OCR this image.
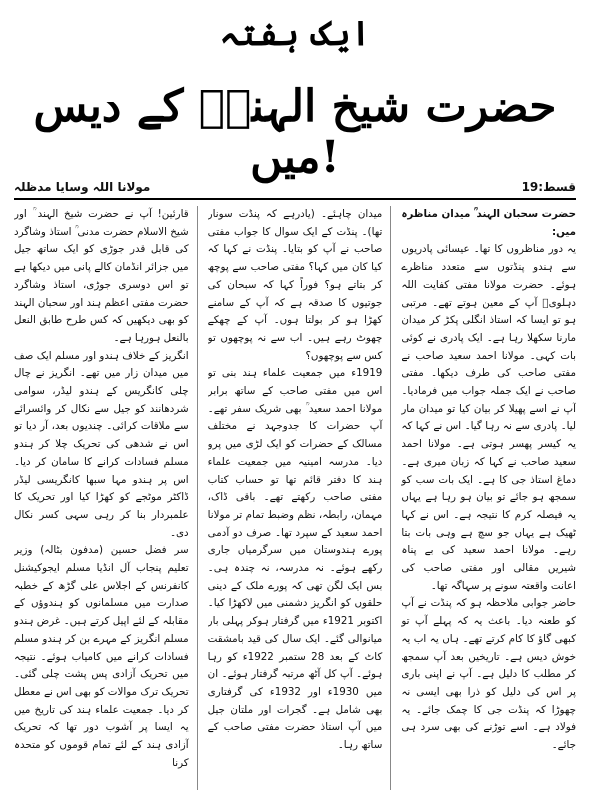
ایک ہفتہ
حضرت شیخ الہندؒ کے دیس میں!
قسط:19
مولانا اللہ وسایا مدظلہ

حضرت سحبان الہند ؒ میدان مناظرہ میں:

یہ دور مناظروں کا تھا۔ عیسائی پادریوں سے ہندو پنڈتوں سے متعدد مناظرے ہوئے۔ حضرت مولانا مفتی کفایت اللہ دہلویؒ آپ کے معین ہوتے تھے۔ مرتبی ہو تو ایسا کہ استاذ انگلی پکڑ کر میدان مارنا سکھلا رہا ہے۔ ایک پادری نے کوئی بات کہی۔ مولانا احمد سعید صاحب نے مفتی صاحب کی طرف دیکھا۔ مفتی صاحب نے ایک جملہ جواب میں فرمادیا۔ آپ نے اسے پھیلا کر بیان کیا تو میدان مار لیا۔ پادری سے نہ رہا گیا۔ اس نے کہا کہ یہ کیسر پھسر ہوتی ہے۔ مولانا احمد سعید صاحب نے کہا کہ زبان میری ہے۔ دماغ استاذ جی کا ہے۔ ایک بات سب کو سمجھ ہو جائے تو بیان ہو رہا ہے یہاں یہ فیصلہ کرم کا نتیجہ ہے۔ اس نے کہا ٹھیک ہے یہاں جو سچ ہے وہی بات بتا رہے۔ مولانا احمد سعید کی بے پناہ شیریں مقالی اور مفتی صاحب کی اعانت واقعتہ سونے پر سہاگہ تھا۔

حاضر جوابی ملاحظہ ہو کہ پنڈت نے آپ کو طعنہ دیا۔ باعث یہ کہ پہلے آپ تو کبھی گاؤ کا کام کرتے تھے۔ ہاں یہ اب یہ خوش دیس ہے۔ تاریخیں بعد آپ سمجھ کر مطلب کا دلیل ہے۔ آپ نے اپنی باری پر اس کی دلیل کو ذرا بھی ایسی نہ چھوڑا کہ پنڈت جی کا چمک جائے۔ یہ فولاد ہے۔ اسے توڑنے کی بھی سرد ہی جائے۔

میدان چاہئے۔ (یادرہے کہ پنڈت سونار تھا)۔ پنڈت کے ایک سوال کا جواب مفتی صاحب نے آپ کو بتایا۔ پنڈت نے کہا کہ کیا کان میں کہا؟ مفتی صاحب سے پوچھ کر بتاتے ہو؟ فوراً کہا کہ سبحان کی جوتیوں کا صدقہ ہے کہ آپ کے سامنے کھڑا ہو کر بولتا ہوں۔ آپ کے چھکے چھوٹ رہے ہیں۔ اب سے نہ پوچھوں تو کس سے پوچھوں؟

1919ء میں جمعیت علماء ہند بنی تو اس میں مفتی صاحب کے ساتھ برابر مولانا احمد سعید ؒ بھی شریک سفر تھے۔ آپ حضرات کا جدوجہد نے مختلف مسالک کے حضرات کو ایک لڑی میں پرو دیا۔ مدرسہ امینیہ میں جمعیت علماء ہند کا دفتر قائم تھا تو حساب کتاب مفتی صاحب رکھتے تھے۔ باقی ڈاک، مہمان، رابطہ، نظم وضبط تمام تر مولانا احمد سعید کے سپرد تھا۔ صرف دو آدمی پورے ہندوستان میں سرگرمیاں جاری رکھے ہوئے۔ نہ مدرسہ، نہ چندہ ہی۔ بس ایک لگن تھی کہ پورے ملک کے دینی حلقوں کو انگریز دشمنی میں لاکھڑا کیا۔ اکتوبر 1921ء میں گرفتار ہوکر پہلی بار میانوالی گئے۔ ایک سال کی قید بامشقت کاٹ کے بعد 28 ستمبر 1922ء کو رہا ہوئے۔ آپ کل آٹھ مرتبہ گرفتار ہوئے۔ ان میں 1930ء اور 1932ء کی گرفتاری بھی شامل ہے۔ گجرات اور ملتان جیل میں آپ استاذ حضرت مفتی صاحب کے ساتھ رہا۔

قارئین! آپ نے حضرت شیخ الہند ؒ اور شیخ الاسلام حضرت مدنی ؒ استاذ وشاگرد کی قابل قدر جوڑی کو ایک ساتھ جیل میں جزائر انڈمان کالے پانی میں دیکھا ہے تو اس دوسری جوڑی، استاذ وشاگرد حضرت مفتی اعظم ہند اور سحبان الہند کو بھی دیکھیں کہ کس طرح طابق النعل بالنعل ہورہا ہے۔

انگریز کے خلاف ہندو اور مسلم ایک صف میں میدان زار میں تھے۔ انگریز نے چال چلی کانگریس کے ہندو لیڈر، سوامی شردھانند کو جیل سے نکال کر وائسرائے سے ملاقات کرائی۔ چندیوں بعد، آر دیا تو اس نے شدھی کی تحریک چلا کر ہندو مسلم فسادات کرانے کا سامان کر دیا۔ اس پر ہندو مہا سبھا کانگریسی لیڈر ڈاکٹر موٹجے کو کھڑا کیا اور تحریک کا علمبردار بنا کر رہی سہی کسر نکال دی۔

سر فضل حسین (مدفون بٹالہ) وزیر تعلیم پنجاب آل انڈیا مسلم ایجوکیشنل کانفرنس کے اجلاس علی گڑھ کے خطبہ صدارت میں مسلمانوں کو ہندوؤں کے مقابلہ کے لئے اپیل کرتے ہیں۔ غرض ہندو مسلم انگریز کے مہرے بن کر ہندو مسلم فسادات کرانے میں کامیاب ہوئے۔ نتیجہ میں تحریک آزادی پس پشت چلی گئی۔ تحریک ترک موالات کو بھی اس نے معطل کر دیا۔ جمعیت علماء ہند کی تاریخ میں یہ ایسا پر آشوب دور تھا کہ تحریک آزادی ہند کے لئے تمام قوموں کو متحدہ کرنا
